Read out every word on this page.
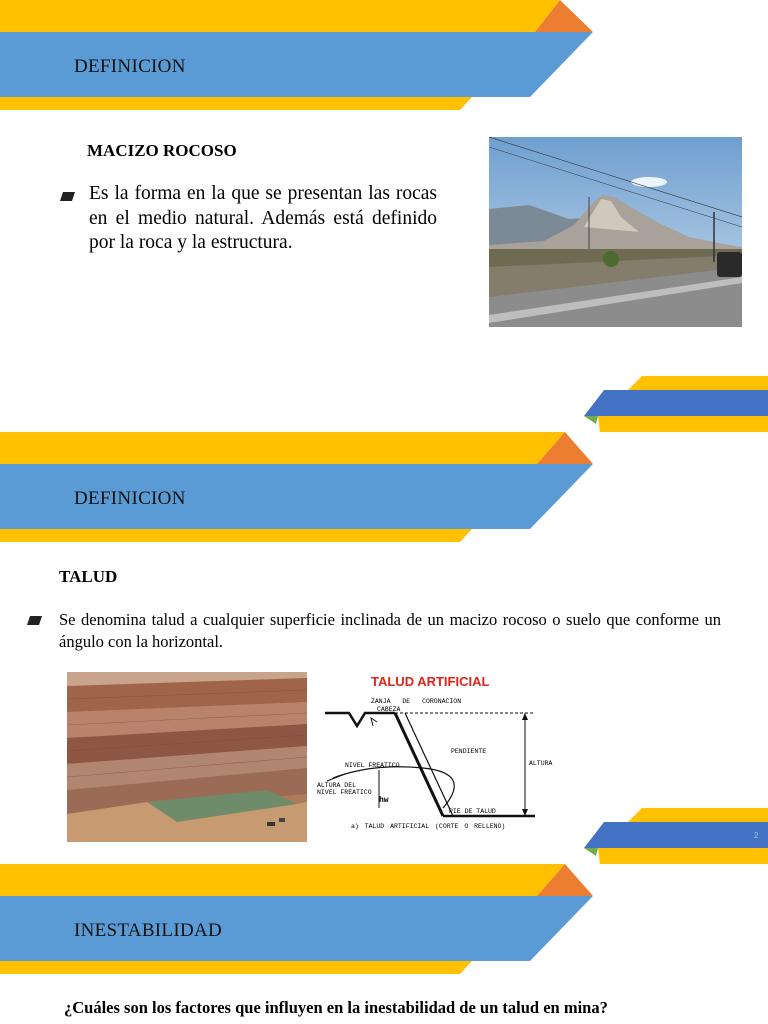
DEFINICION
MACIZO ROCOSO
Es la forma en la que se presentan las rocas en el medio natural. Además está definido por la roca y la estructura.
DEFINICION
TALUD
Se denomina talud a cualquier superficie inclinada de un macizo rocoso o suelo que conforme un ángulo con la horizontal.
TALUD ARTIFICIAL
ZANJA DE CORONACION
CABEZA
PENDIENTE
ALTURA
NIVEL FREATICO
ALTURA DEL
NIVEL FREATICO
hw
PIE DE TALUD
a) TALUD ARTIFICIAL (CORTE O RELLENO)
2
INESTABILIDAD
¿Cuáles son los factores que influyen en la inestabilidad de un talud en mina?
